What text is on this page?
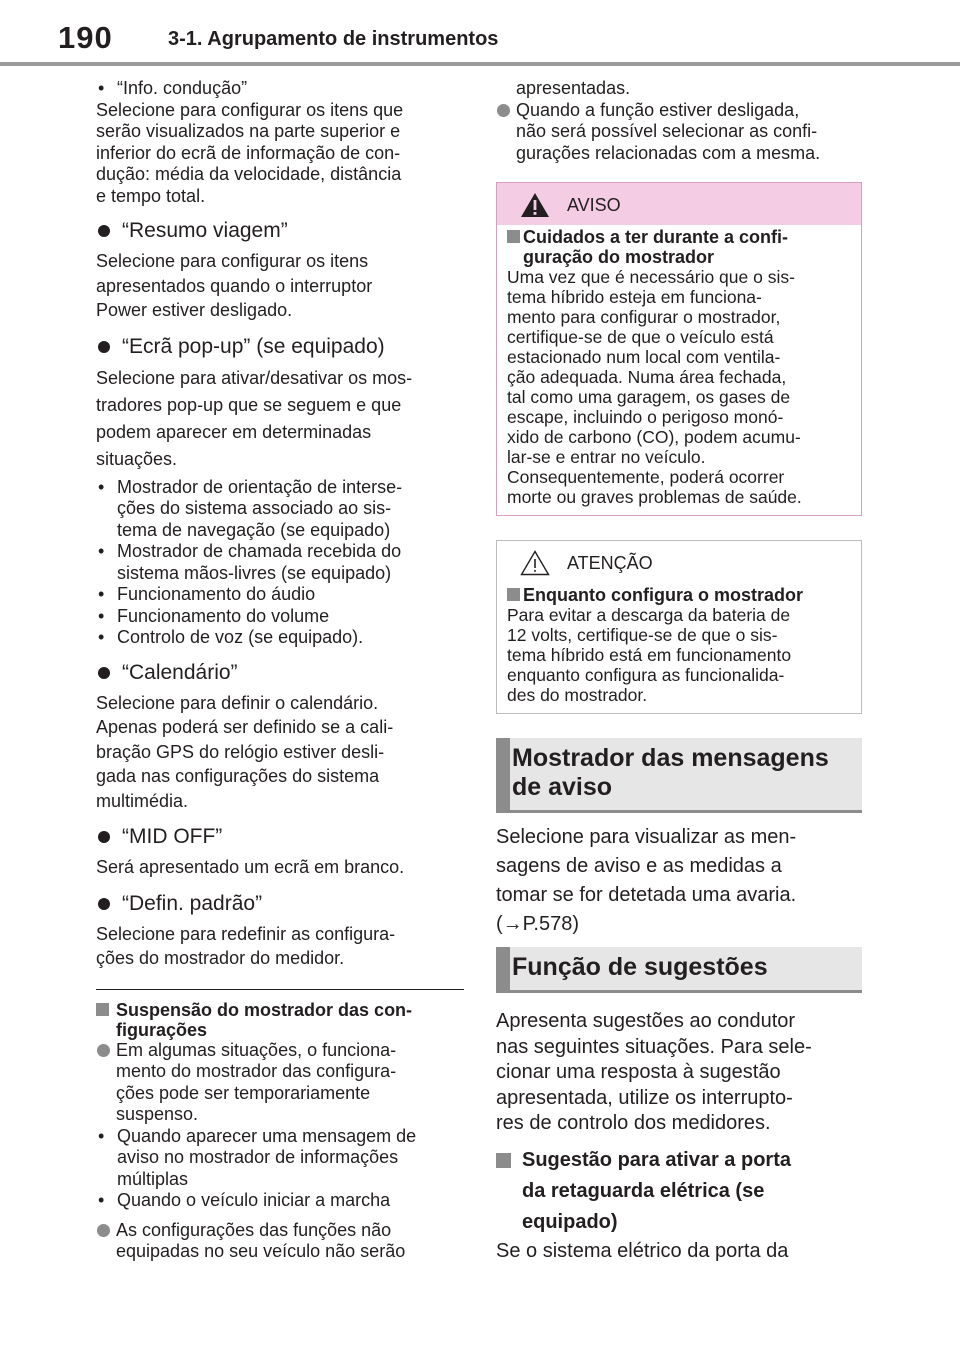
190	3-1. Agrupamento de instrumentos
• “Info. condução”

Selecione para configurar os itens que

serão visualizados na parte superior e

inferior do ecrã de informação de con-

dução: média da velocidade, distância

e tempo total.

“Resumo viagem”

Selecione para configurar os itens

apresentados quando o interruptor

Power estiver desligado.

“Ecrã pop-up” (se equipado)

Selecione para ativar/desativar os mos-

tradores pop-up que se seguem e que

podem aparecer em determinadas

situações.

• Mostrador de orientação de interse-

ções do sistema associado ao sis-

tema de navegação (se equipado)

• Mostrador de chamada recebida do

sistema mãos-livres (se equipado)

• Funcionamento do áudio

• Funcionamento do volume

• Controlo de voz (se equipado).

“Calendário”

Selecione para definir o calendário.

Apenas poderá ser definido se a cali-

bração GPS do relógio estiver desli-

gada nas configurações do sistema

multimédia.

“MID OFF”

Será apresentado um ecrã em branco.

“Defin. padrão”

Selecione para redefinir as configura-

ções do mostrador do medidor.

Suspensão do mostrador das con-

figurações

Em algumas situações, o funciona-

mento do mostrador das configura-

ções pode ser temporariamente

suspenso.

• Quando aparecer uma mensagem de

aviso no mostrador de informações

múltiplas

• Quando o veículo iniciar a marcha

As configurações das funções não

equipadas no seu veículo não serão

apresentadas.

Quando a função estiver desligada,

não será possível selecionar as confi-

gurações relacionadas com a mesma.

AVISO

Cuidados a ter durante a confi-

guração do mostrador

Uma vez que é necessário que o sis-

tema híbrido esteja em funciona-

mento para configurar o mostrador,

certifique-se de que o veículo está

estacionado num local com ventila-

ção adequada. Numa área fechada,

tal como uma garagem, os gases de

escape, incluindo o perigoso monó-

xido de carbono (CO), podem acumu-

lar-se e entrar no veículo.

Consequentemente, poderá ocorrer

morte ou graves problemas de saúde.

ATENÇÃO

Enquanto configura o mostrador

Para evitar a descarga da bateria de

12 volts, certifique-se de que o sis-

tema híbrido está em funcionamento

enquanto configura as funcionalida-

des do mostrador.

Mostrador das mensagens

de aviso

Selecione para visualizar as men-

sagens de aviso e as medidas a

tomar se for detetada uma avaria.

(→P.578)

Função de sugestões

Apresenta sugestões ao condutor

nas seguintes situações. Para sele-

cionar uma resposta à sugestão

apresentada, utilize os interrupto-

res de controlo dos medidores.

Sugestão para ativar a porta

da retaguarda elétrica (se

equipado)

Se o sistema elétrico da porta da
